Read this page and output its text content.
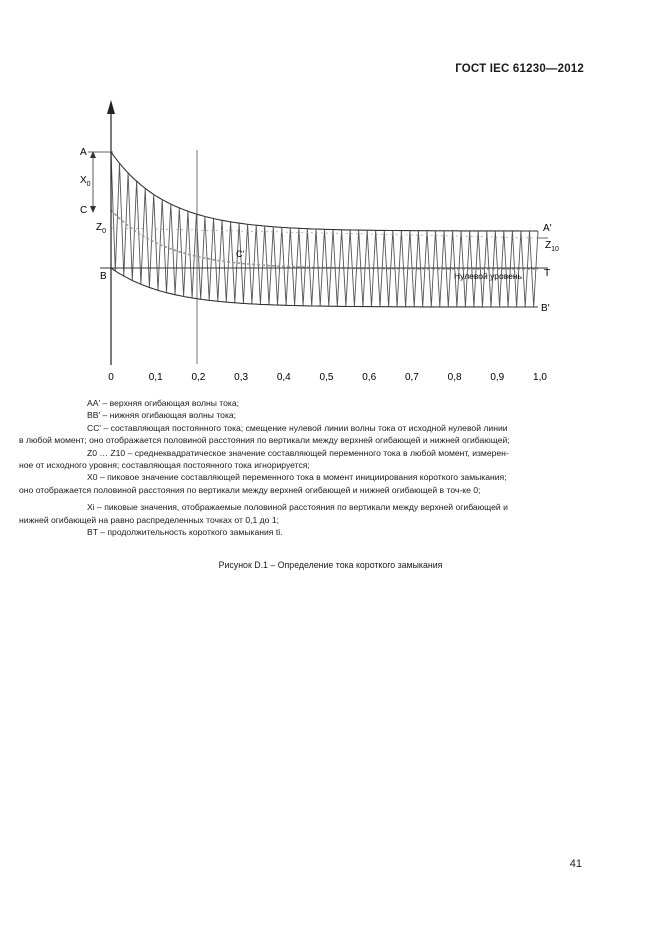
ГОСТ IEC 61230—2012
A
$X_0$
C
$Z_0$
B
A′
$Z_{10}$
T
B′
C′
Нулевой уровень
0	0,1	0,2	0,3	0,4	0,5	0,6	0,7	0,8	0,9	1,0

АА' – верхняя огибающая волны тока;

BB' – нижняя огибающая волны тока;

СС' – составляющая постоянного тока; смещение нулевой линии волны тока от исходной нулевой линии

в любой момент; оно отображается половиной расстояния по вертикали между верхней огибающей и нижней огибающей;

Z0 … Z10 – среднеквадратическое значение составляющей переменного тока в любой момент, измерен-

ное от исходного уровня; составляющая постоянного тока игнорируется;

X0 – пиковое значение составляющей переменного тока в момент инициирования короткого замыкания;

оно отображается половиной расстояния по вертикали между верхней огибающей и нижней огибающей в точ-ке 0;

Xi – пиковые значения, отображаемые половиной расстояния по вертикали между верхней огибающей и

нижней огибающей на равно распределенных точках от 0,1 до 1;

BT – продолжительность короткого замыкания ti.

Рисунок D.1 – Определение тока короткого замыкания
41
